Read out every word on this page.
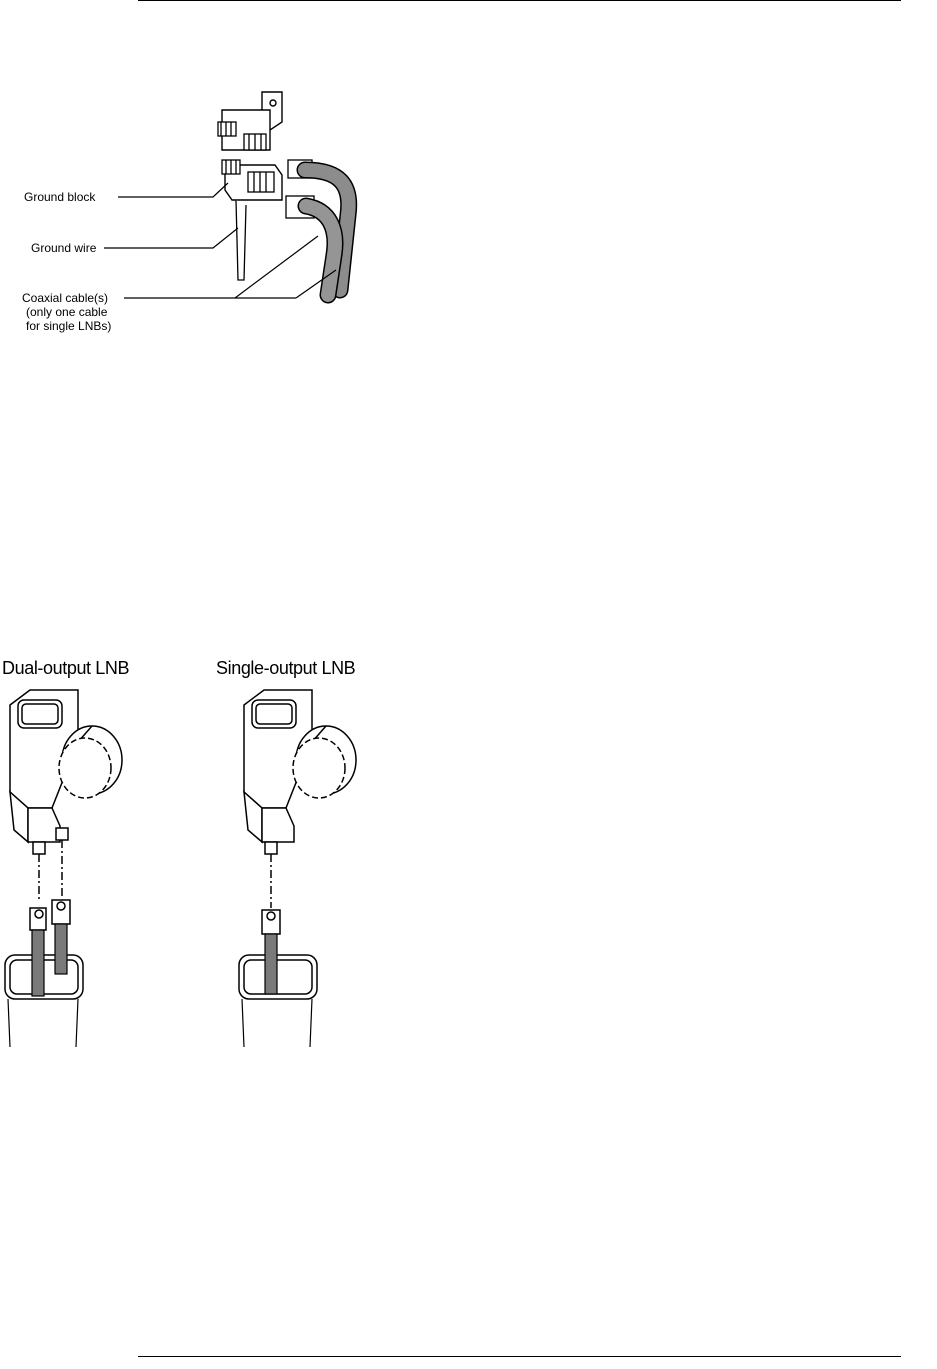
Ground block
Ground wire
Coaxial cable(s)
(only one cable
for single LNBs)
Dual-output LNB	Single-output LNB
